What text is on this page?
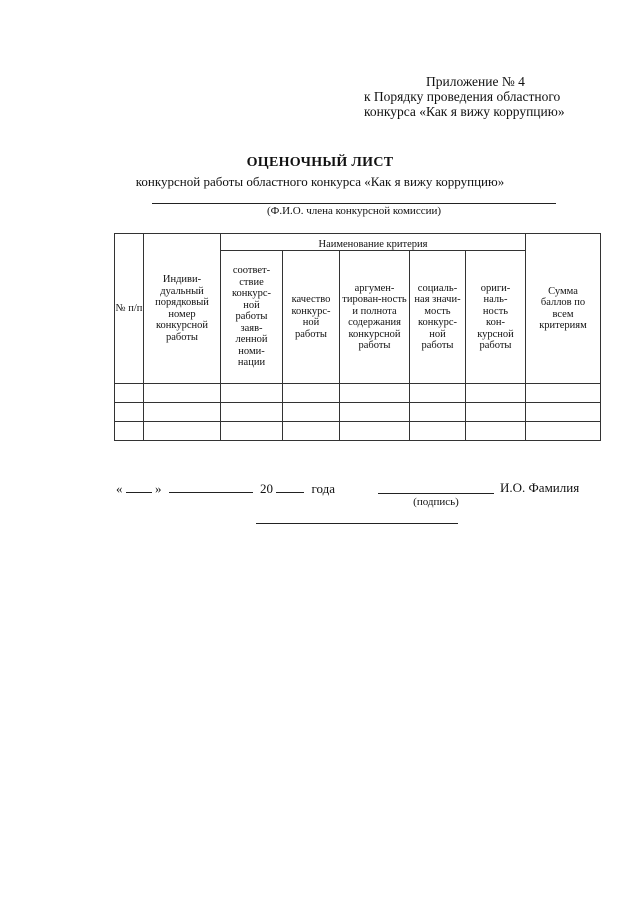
Приложение № 4
к Порядку проведения областного
конкурса «Как я вижу коррупцию»
ОЦЕНОЧНЫЙ ЛИСТ
конкурсной работы областного конкурса «Как я вижу коррупцию»
(Ф.И.О. члена конкурсной комиссии)
№ п/п	Индиви-дуальный порядковый номер конкурсной работы	Наименование критерия					Сумма баллов по всем критериям
		соответ-ствие конкурс-ной работы заяв-ленной номи-нации	качество конкурс-ной работы	аргумен-тирован-ность и полнота содержания конкурсной работы	социаль-ная значи-мость конкурс-ной работы	ориги-наль-ность кон-курсной работы	

«	»	20	года	И.О. Фамилия
(подпись)
